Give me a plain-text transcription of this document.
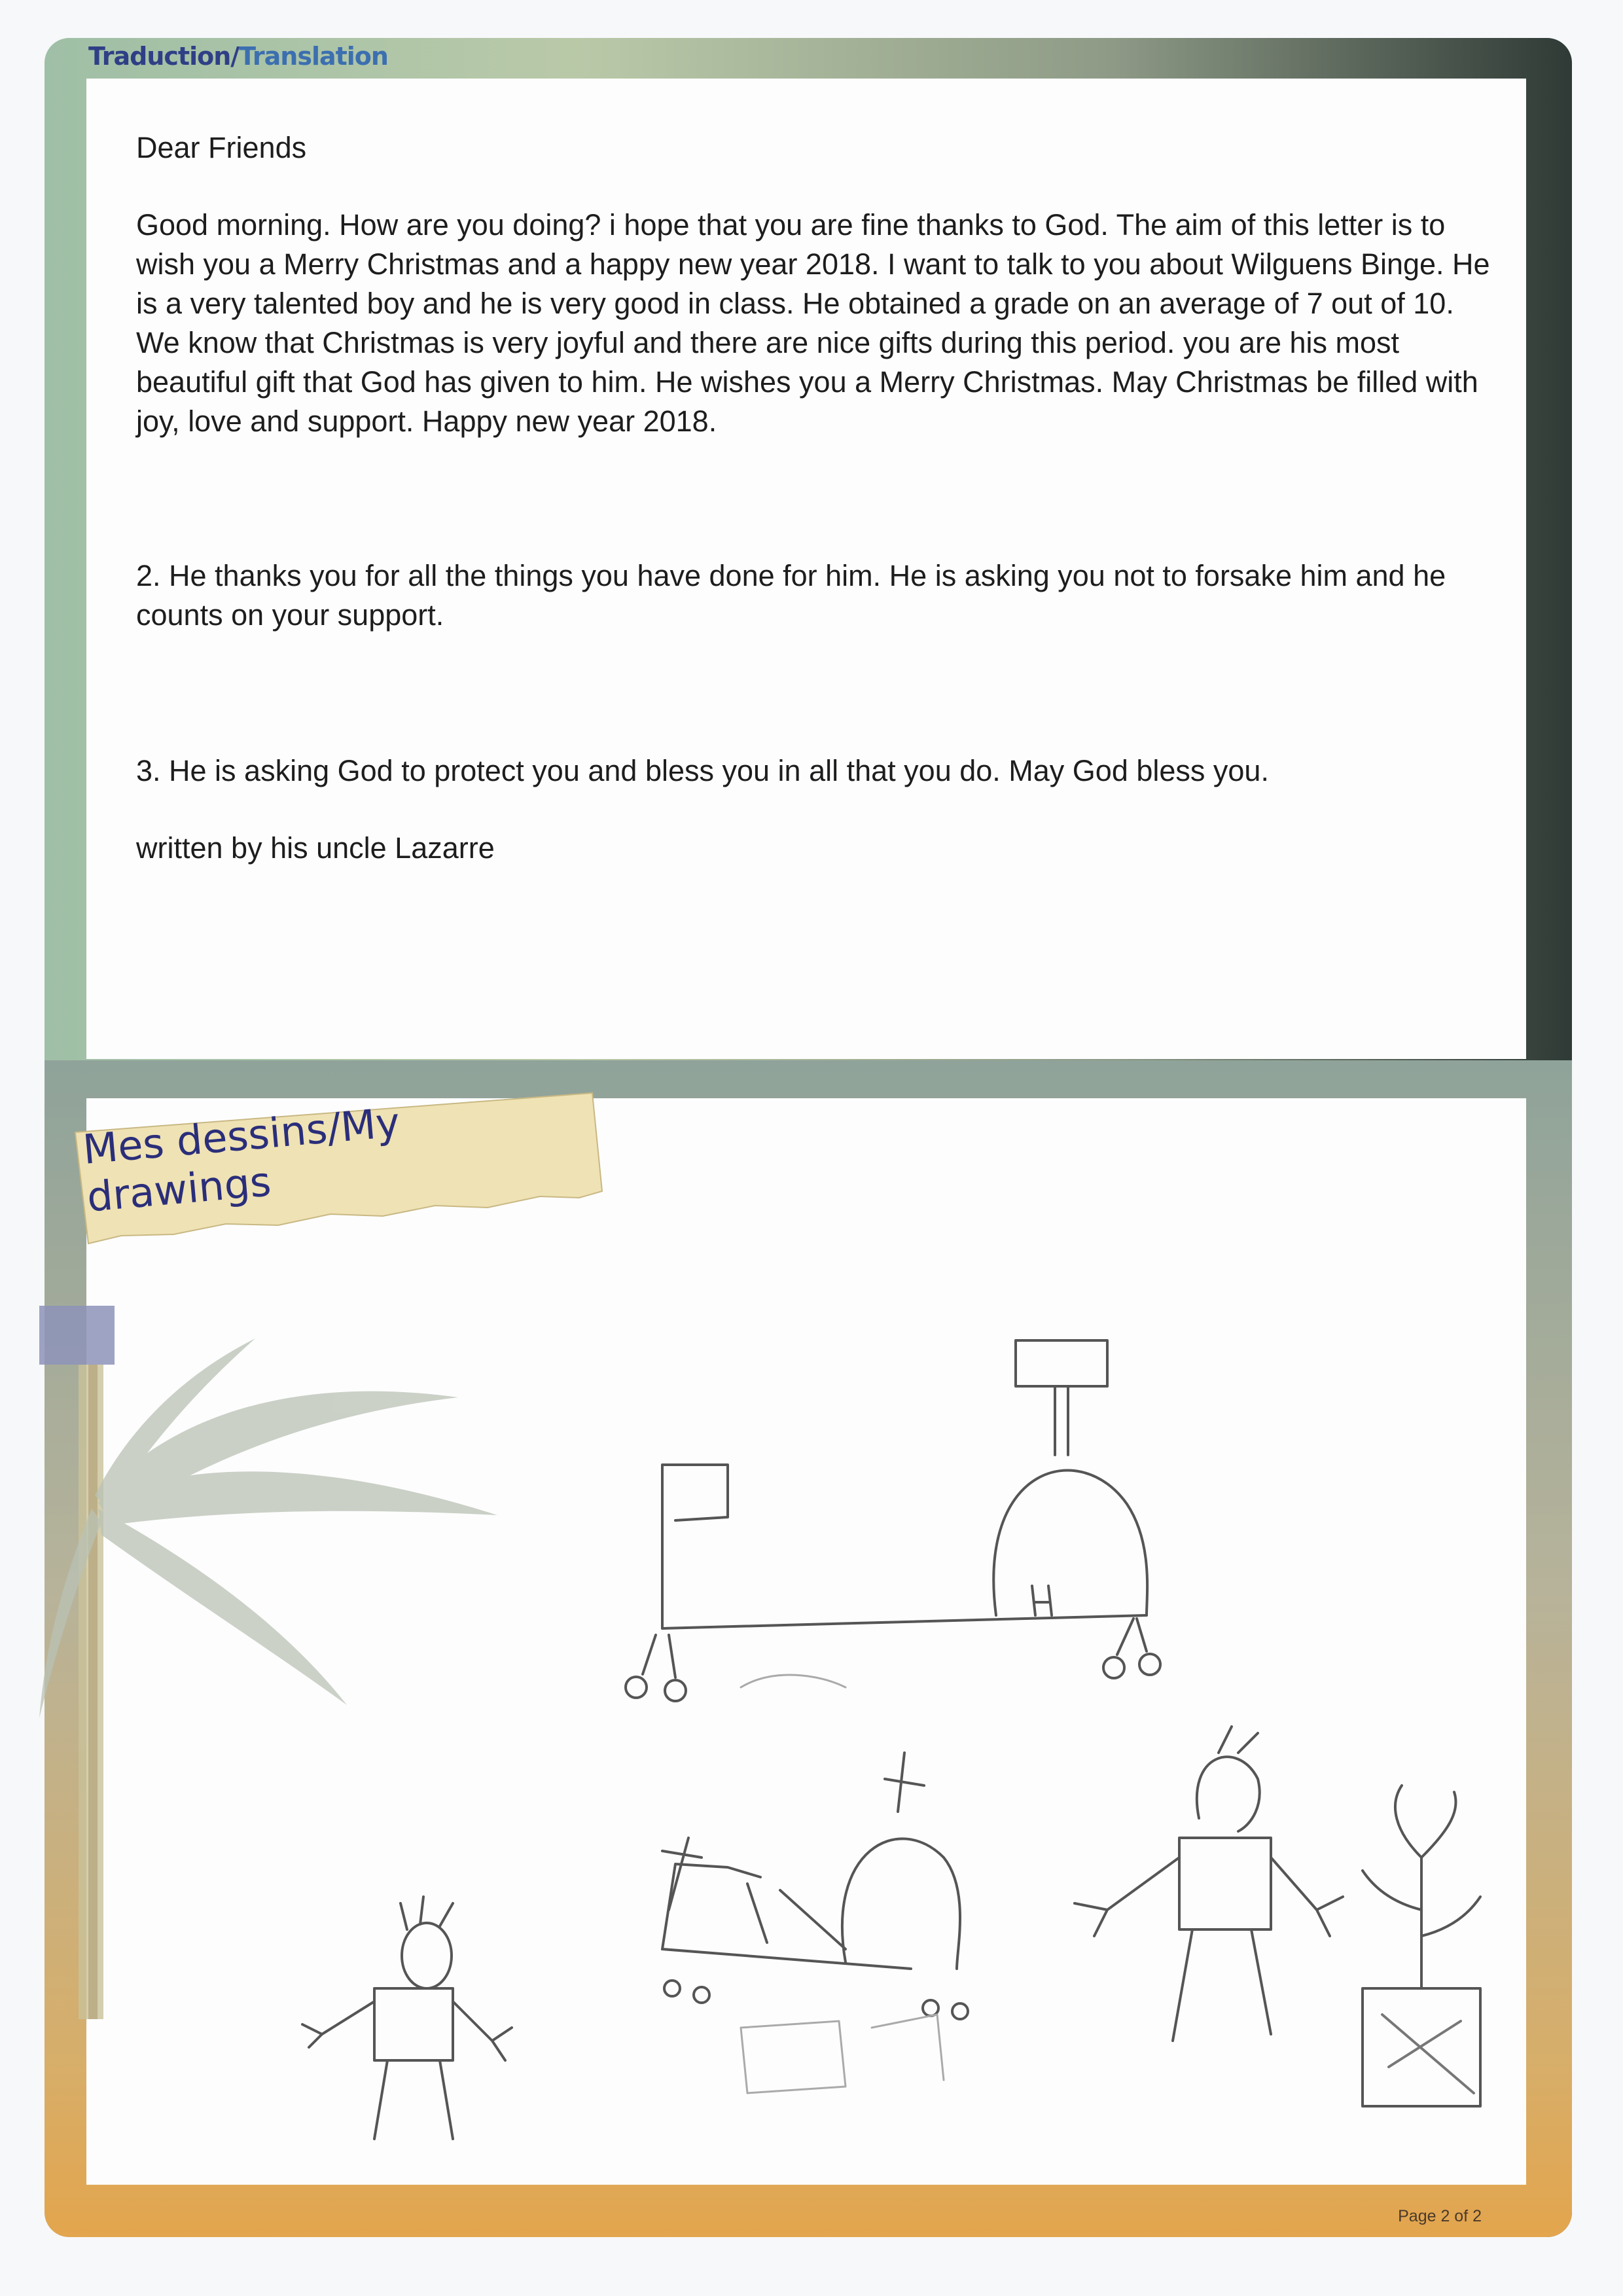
Traduction/Translation

Dear Friends

Good morning. How are you doing? i hope that you are fine thanks to God. The aim of this letter is to wish you a Merry Christmas and a happy new year 2018. I want to talk to you about Wilguens Binge. He is a very talented boy and he is very good in class. He obtained a grade on an average of 7 out of 10. We know that Christmas is very joyful and there are nice gifts during this period. you are his most beautiful gift that God has given to him. He wishes you a Merry Christmas. May Christmas be filled with joy, love and support. Happy new year 2018.

2. He thanks you for all the things you have done for him. He is asking you not to forsake him and he counts on your support.

3. He is asking God to protect you and bless you in all that you do. May God bless you.

written by his uncle Lazarre

Mes dessins/My drawings
Page 2 of 2
